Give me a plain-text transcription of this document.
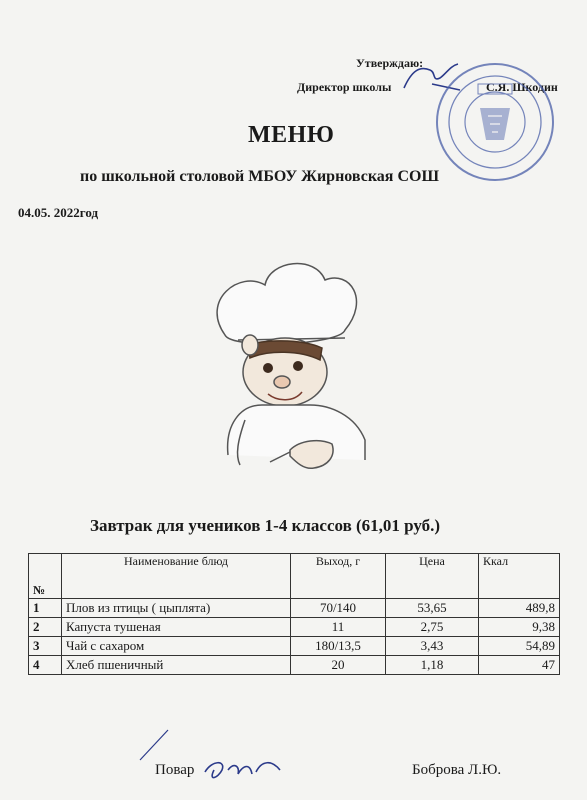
Утверждаю:
Директор школы	С.Я. Шкодин
МЕНЮ
по школьной столовой МБОУ Жирновская СОШ
04.05. 2022год
Завтрак для учеников 1-4 классов (61,01 руб.)
№	Наименование блюд	Выход, г	Цена	Ккал
1	Плов из птицы ( цыплята)	70/140	53,65	489,8
2	Капуста тушеная	11	2,75	9,38
3	Чай с сахаром	180/13,5	3,43	54,89
4	Хлеб пшеничный	20	1,18	47
Повар	Боброва Л.Ю.
